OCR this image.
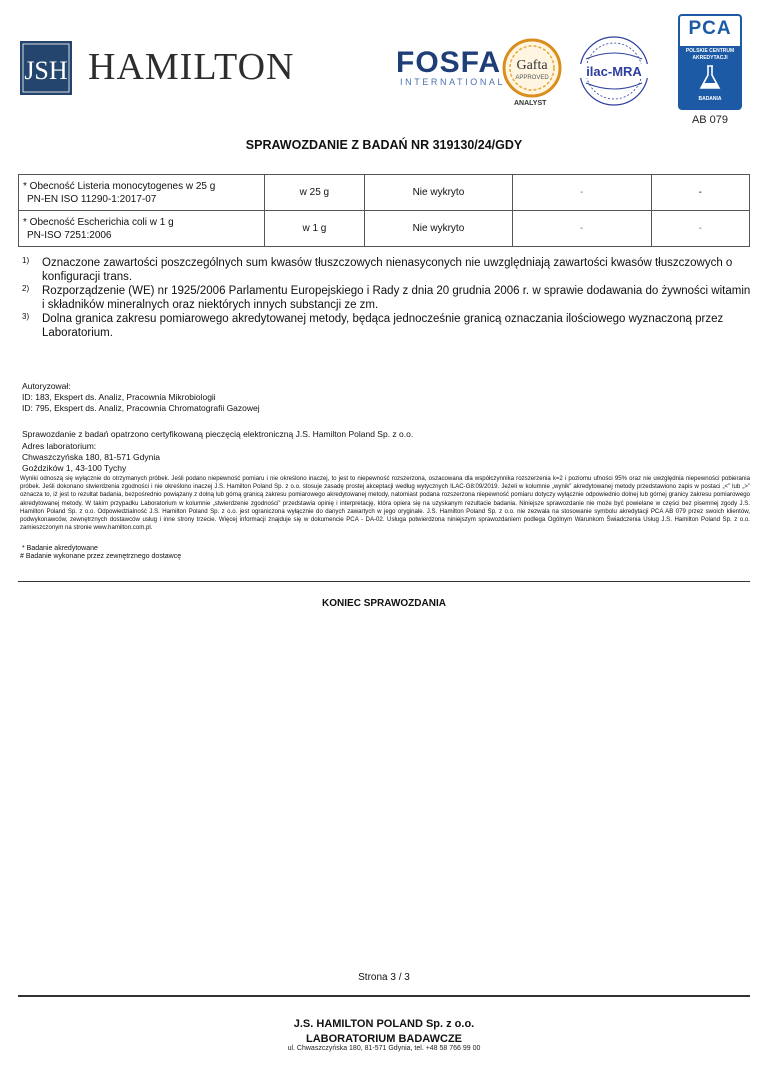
JSH HAMILTON	FOSFA
INTERNATIONAL
Gafta
APPROVED
ANALYST
ilac-MRA
PCA
POLSKIE CENTRUM
AKREDYTACJI
BADANIA
AB 079
SPRAWOZDANIE Z BADAŃ NR 319130/24/GDY
* Obecność Listeria monocytogenes w 25 g
PN-EN ISO 11290-1:2017-07	w 25 g	Nie wykryto	-	-

* Obecność Escherichia coli w 1 g
PN-ISO 7251:2006	w 1 g	Nie wykryto	-	-
1) Oznaczone zawartości poszczególnych sum kwasów tłuszczowych nienasyconych nie uwzględniają zawartości kwasów tłuszczowych o konfiguracji trans.
2) Rozporządzenie (WE) nr 1925/2006 Parlamentu Europejskiego i Rady z dnia 20 grudnia 2006 r. w sprawie dodawania do żywności witamin i składników mineralnych oraz niektórych innych substancji ze zm.
3) Dolna granica zakresu pomiarowego akredytowanej metody, będąca jednocześnie granicą oznaczania ilościowego wyznaczoną przez Laboratorium.
Autoryzował:
ID: 183, Ekspert ds. Analiz, Pracownia Mikrobiologii
ID: 795, Ekspert ds. Analiz, Pracownia Chromatografii Gazowej
Sprawozdanie z badań opatrzono certyfikowaną pieczęcią elektroniczną J.S. Hamilton Poland Sp. z o.o.
Adres laboratorium:
Chwaszczyńska 180, 81-571 Gdynia
Goździków 1, 43-100 Tychy
Wyniki odnoszą się wyłącznie do otrzymanych próbek. Jeśli podano niepewność pomiaru i nie określono inaczej, to jest to niepewność rozszerzona, oszacowana dla współczynnika rozszerzenia k=2 i poziomu ufności 95% oraz nie uwzględnia niepewności pobierania próbek. Jeśli dokonano stwierdzenia zgodności i nie określono inaczej J.S. Hamilton Poland Sp. z o.o. stosuje zasadę prostej akceptacji według wytycznych ILAC-G8:09/2019. Jeżeli w kolumnie „wynik” akredytowanej metody przedstawiono zapis w postaci „<” lub „>” oznacza to, iż jest to rezultat badania, bezpośrednio powiązany z dolną lub górną granicą zakresu pomiarowego akredytowanej metody, natomiast podana rozszerzona niepewność pomiaru dotyczy wyłącznie odpowiednio dolnej lub górnej granicy zakresu pomiarowego akredytowanej metody. W takim przypadku Laboratorium w kolumnie „stwierdzenie zgodności” przedstawia opinię i interpretację, która opiera się na uzyskanym rezultacie badania. Niniejsze sprawozdanie nie może być powielane w części bez pisemnej zgody J.S. Hamilton Poland Sp. z o.o. Odpowiedzialność J.S. Hamilton Poland Sp. z o.o. jest ograniczona wyłącznie do danych zawartych w jego oryginale. J.S. Hamilton Poland Sp. z o.o. nie zezwala na stosowanie symbolu akredytacji PCA AB 079 przez swoich klientów, podwykonawców, zewnętrznych dostawców usług i inne strony trzecie. Więcej informacji znajduje się w dokumencie PCA - DA-02. Usługa potwierdzona niniejszym sprawozdaniem podlega Ogólnym Warunkom Świadczenia Usług J.S. Hamilton Poland Sp. z o.o. zamieszczonym na stronie www.hamilton.com.pl.
* Badanie akredytowane
# Badanie wykonane przez zewnętrznego dostawcę
KONIEC SPRAWOZDANIA
Strona 3 / 3
J.S. HAMILTON POLAND Sp. z o.o.
LABORATORIUM BADAWCZE
ul. Chwaszczyńska 180, 81-571 Gdynia, tel. +48 58 766 99 00
